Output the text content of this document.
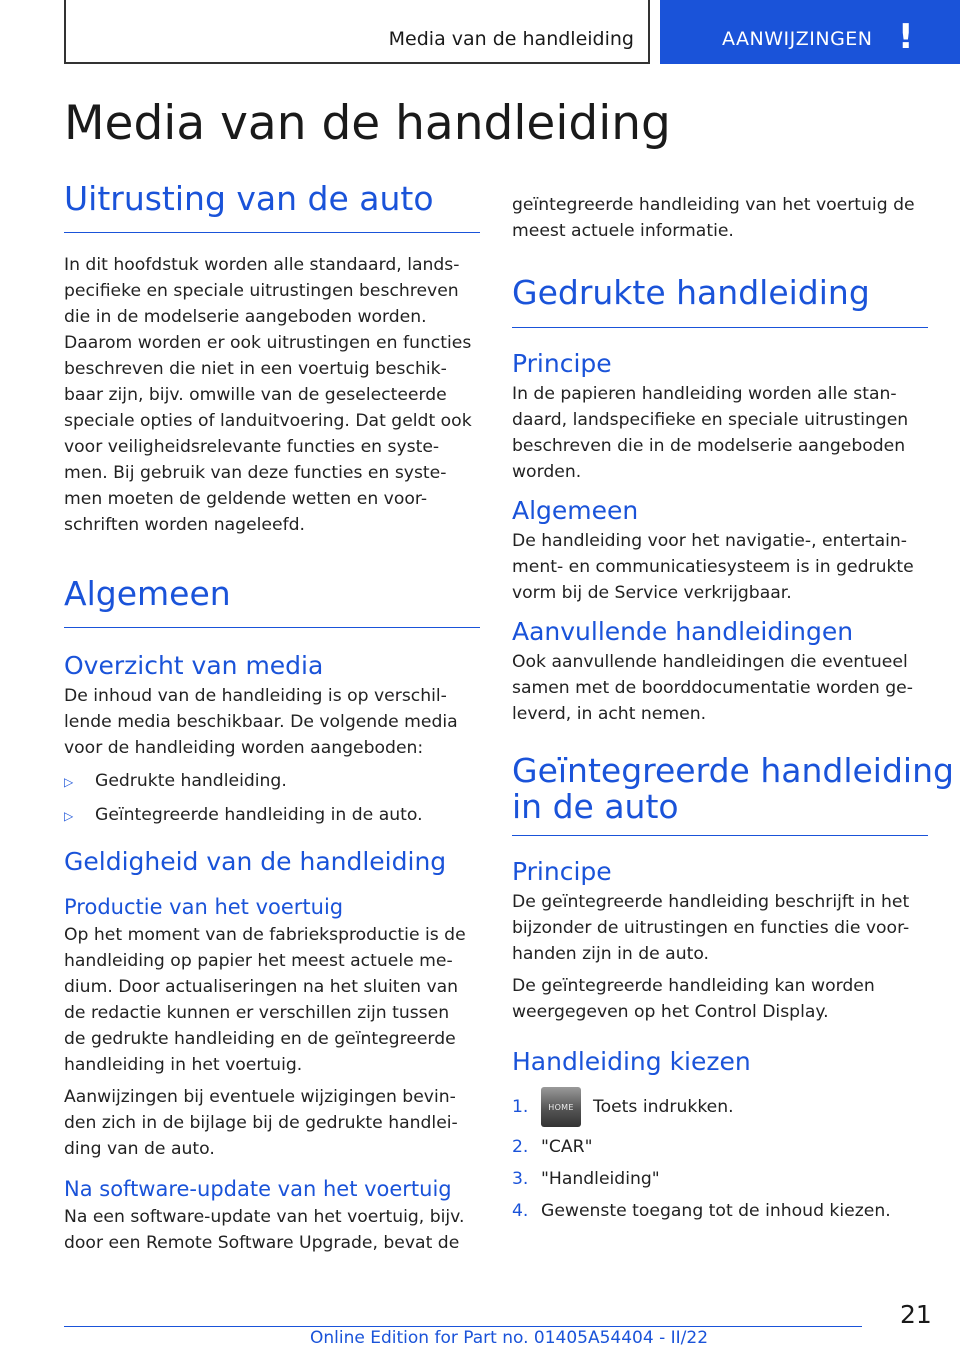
Media van de handleiding	AANWIJZINGEN !
Media van de handleiding
Uitrusting van de auto
In dit hoofdstuk worden alle standaard, lands-
pecifieke en speciale uitrustingen beschreven
die in de modelserie aangeboden worden.
Daarom worden er ook uitrustingen en functies
beschreven die niet in een voertuig beschik-
baar zijn, bijv. omwille van de geselecteerde
speciale opties of landuitvoering. Dat geldt ook
voor veiligheidsrelevante functies en syste-
men. Bij gebruik van deze functies en syste-
men moeten de geldende wetten en voor-
schriften worden nageleefd.
Algemeen
Overzicht van media
De inhoud van de handleiding is op verschil-
lende media beschikbaar. De volgende media
voor de handleiding worden aangeboden:
▷	Gedrukte handleiding.
▷	Geïntegreerde handleiding in de auto.
Geldigheid van de handleiding
Productie van het voertuig
Op het moment van de fabrieksproductie is de
handleiding op papier het meest actuele me-
dium. Door actualiseringen na het sluiten van
de redactie kunnen er verschillen zijn tussen
de gedrukte handleiding en de geïntegreerde
handleiding in het voertuig.
Aanwijzingen bij eventuele wijzigingen bevin-
den zich in de bijlage bij de gedrukte handlei-
ding van de auto.
Na software-update van het voertuig
Na een software-update van het voertuig, bijv.
door een Remote Software Upgrade, bevat de
geïntegreerde handleiding van het voertuig de
meest actuele informatie.
Gedrukte handleiding
Principe
In de papieren handleiding worden alle stan-
daard, landspecifieke en speciale uitrustingen
beschreven die in de modelserie aangeboden
worden.
Algemeen
De handleiding voor het navigatie-, entertain-
ment- en communicatiesysteem is in gedrukte
vorm bij de Service verkrijgbaar.
Aanvullende handleidingen
Ook aanvullende handleidingen die eventueel
samen met de boorddocumentatie worden ge-
leverd, in acht nemen.
Geïntegreerde handleiding
in de auto
Principe
De geïntegreerde handleiding beschrijft in het
bijzonder de uitrustingen en functies die voor-
handen zijn in de auto.
De geïntegreerde handleiding kan worden
weergegeven op het Control Display.
Handleiding kiezen
1.	HOME	Toets indrukken.
2. "CAR"
3. "Handleiding"
4. Gewenste toegang tot de inhoud kiezen.
21
Online Edition for Part no. 01405A54404 - II/22
